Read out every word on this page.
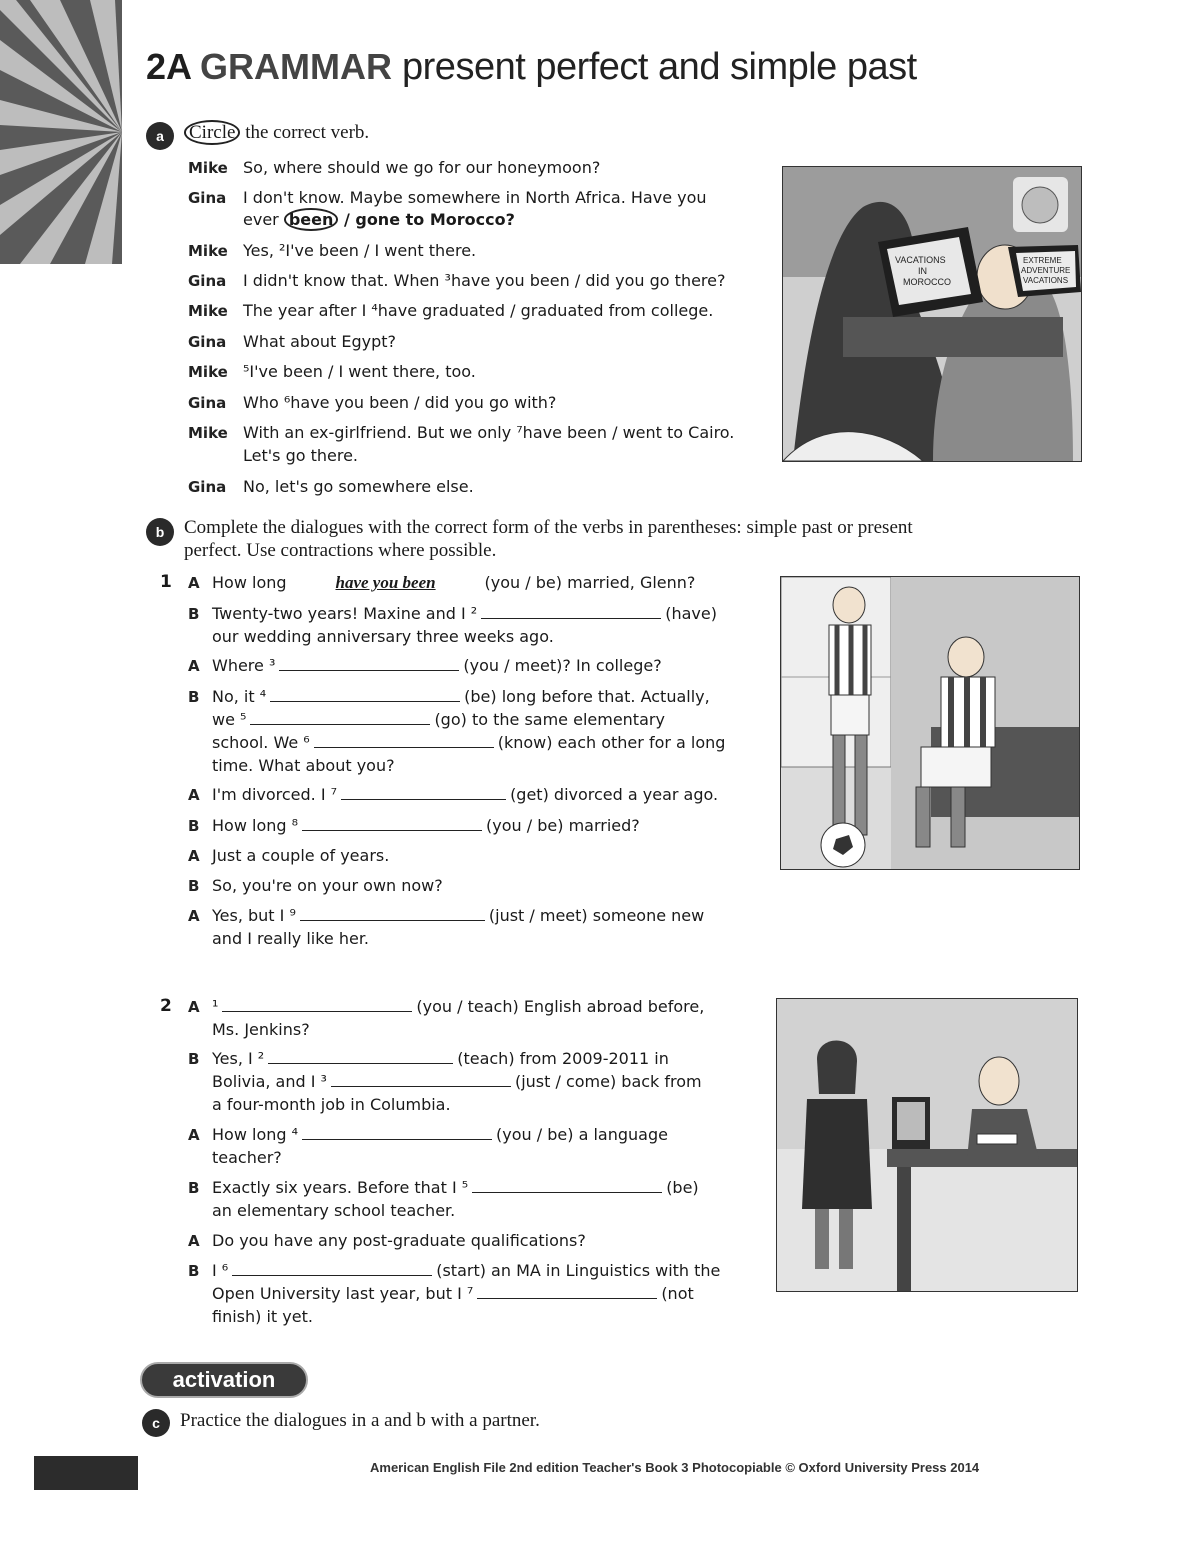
2A GRAMMAR present perfect and simple past
a	Circle the correct verb.
Mike So, where should we go for our honeymoon?
Gina I don't know. Maybe somewhere in North Africa. Have you
ever been / gone to Morocco?
Mike Yes, ²I've been / I went there.
Gina I didn't know that. When ³have you been / did you go there?
Mike The year after I ⁴have graduated / graduated from college.
Gina What about Egypt?
Mike ⁵I've been / I went there, too.
Gina Who ⁶have you been / did you go with?
Mike With an ex-girlfriend. But we only ⁷have been / went to Cairo.
Let's go there.
Gina No, let's go somewhere else.
VACATIONS
IN
MOROCCO
EXTREME
ADVENTURE
VACATIONS
b	Complete the dialogues with the correct form of the verbs in parentheses: simple past or present
perfect. Use contractions where possible.
1 A How long	have you been	(you / be) married, Glenn?
B Twenty-two years! Maxine and I ²	(have)
our wedding anniversary three weeks ago.
A Where ³	(you / meet)? In college?
B No, it ⁴	(be) long before that. Actually,
we ⁵	(go) to the same elementary
school. We ⁶	(know) each other for a long
time. What about you?
A I'm divorced. I ⁷	(get) divorced a year ago.
B How long ⁸	(you / be) married?
A Just a couple of years.
B So, you're on your own now?
A Yes, but I ⁹	(just / meet) someone new
and I really like her.
2 A ¹	(you / teach) English abroad before,
Ms. Jenkins?
B Yes, I ²	(teach) from 2009-2011 in
Bolivia, and I ³	(just / come) back from
a four-month job in Columbia.
A How long ⁴	(you / be) a language
teacher?
B Exactly six years. Before that I ⁵	(be)
an elementary school teacher.
A Do you have any post-graduate qualifications?
B I ⁶	(start) an MA in Linguistics with the
Open University last year, but I ⁷	(not
finish) it yet.
activation
c	Practice the dialogues in a and b with a partner.
American English File 2nd edition Teacher's Book 3 Photocopiable © Oxford University Press 2014
